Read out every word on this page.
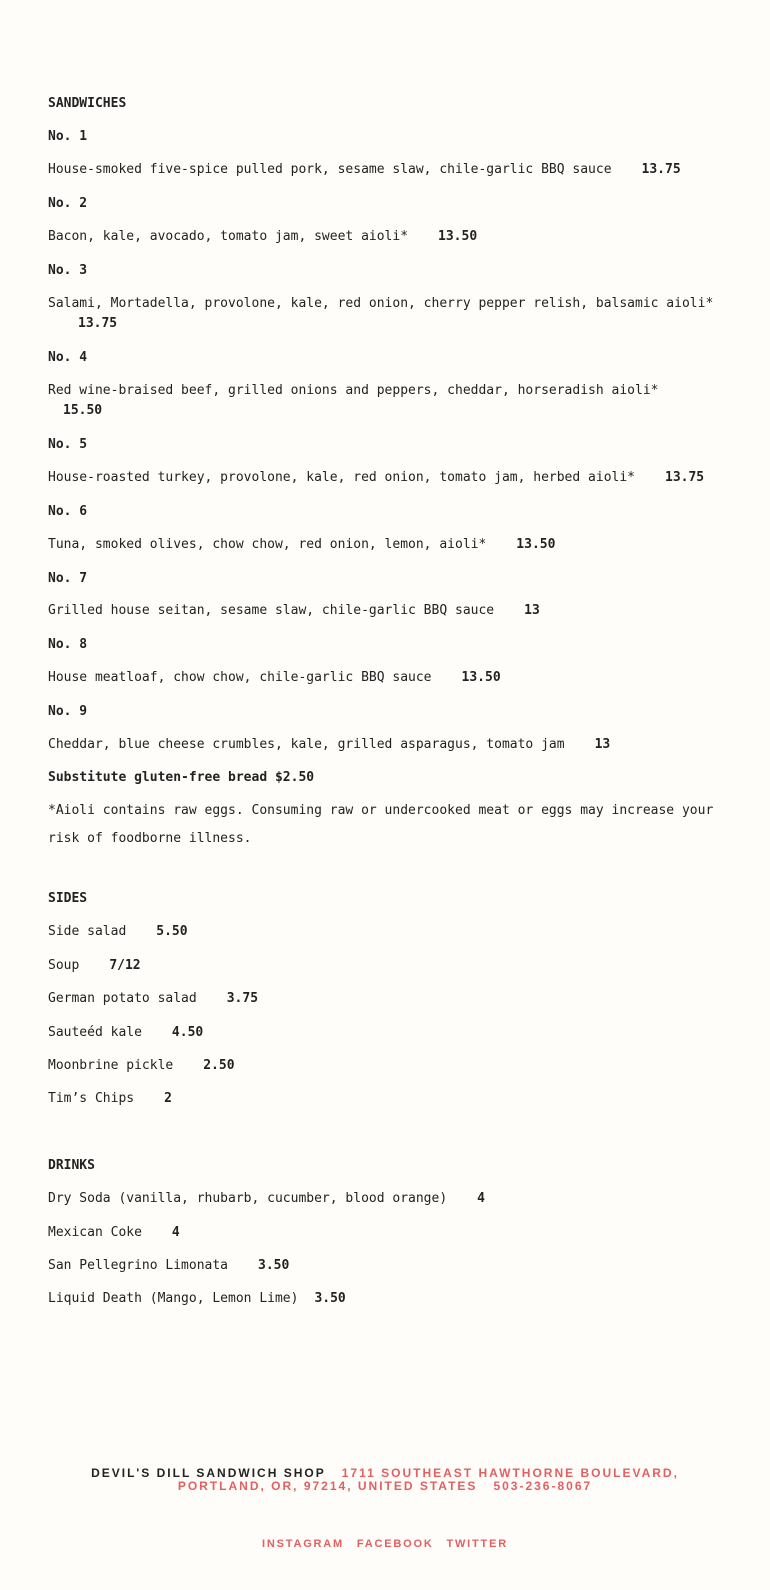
SANDWICHES
No. 1
House-smoked five-spice pulled pork, sesame slaw, chile-garlic BBQ sauce 13.75
No. 2
Bacon, kale, avocado, tomato jam, sweet aioli* 13.50
No. 3
Salami, Mortadella, provolone, kale, red onion, cherry pepper relish, balsamic aioli*
13.75
No. 4
Red wine-braised beef, grilled onions and peppers, cheddar, horseradish aioli*
15.50
No. 5
House-roasted turkey, provolone, kale, red onion, tomato jam, herbed aioli* 13.75
No. 6
Tuna, smoked olives, chow chow, red onion, lemon, aioli* 13.50
No. 7
Grilled house seitan, sesame slaw, chile-garlic BBQ sauce 13
No. 8
House meatloaf, chow chow, chile-garlic BBQ sauce 13.50
No. 9
Cheddar, blue cheese crumbles, kale, grilled asparagus, tomato jam 13
Substitute gluten-free bread $2.50
*Aioli contains raw eggs. Consuming raw or undercooked meat or eggs may increase your risk of foodborne illness.
SIDES
Side salad 5.50
Soup 7/12
German potato salad 3.75
Sauteéd kale 4.50
Moonbrine pickle 2.50
Tim’s Chips 2
DRINKS
Dry Soda (vanilla, rhubarb, cucumber, blood orange) 4
Mexican Coke 4
San Pellegrino Limonata 3.50
Liquid Death (Mango, Lemon Lime) 3.50
DEVIL'S DILL SANDWICH SHOP 1711 SOUTHEAST HAWTHORNE BOULEVARD,
PORTLAND, OR, 97214, UNITED STATES 503-236-8067
INSTAGRAM FACEBOOK TWITTER
